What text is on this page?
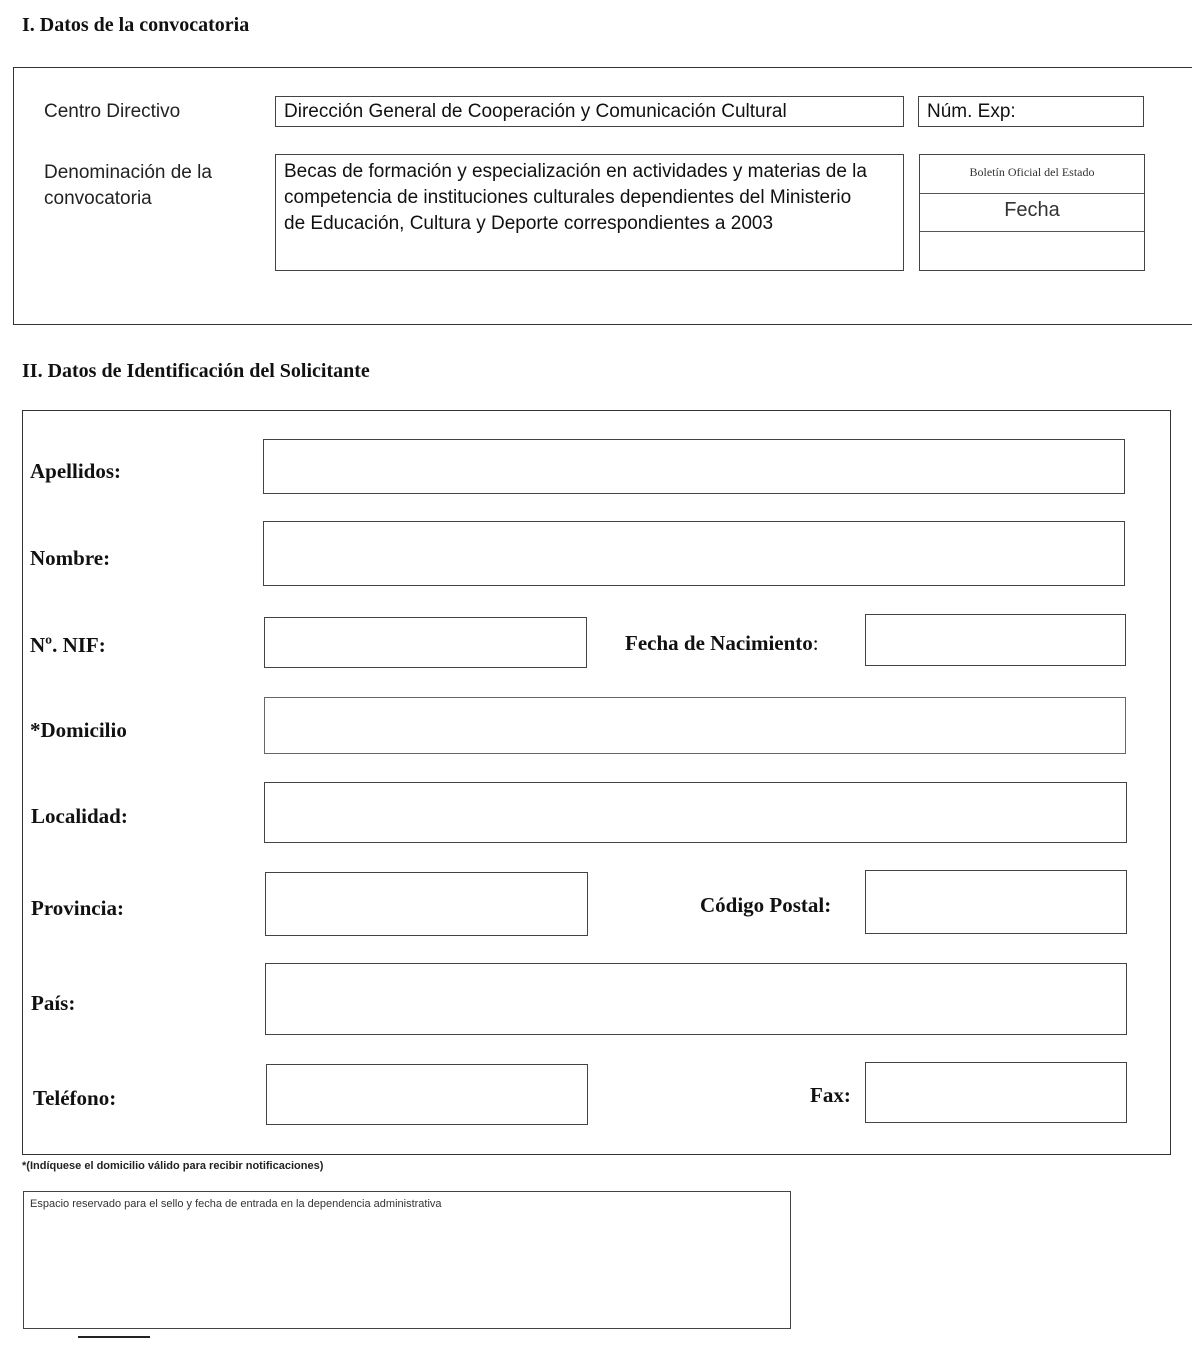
I. Datos de la convocatoria
Centro Directivo	Dirección General de Cooperación y Comunicación Cultural	Núm. Exp:
Denominación de la
convocatoria
Becas de formación y especialización en actividades y materias de la
competencia de instituciones culturales dependientes del Ministerio
de Educación, Cultura y Deporte correspondientes a 2003
Boletín Oficial del Estado
Fecha
II. Datos de Identificación del Solicitante
Apellidos:
Nombre:
Nº. NIF:	Fecha de Nacimiento:
*Domicilio
Localidad:
Provincia:	Código Postal:
País:
Teléfono:	Fax:
*(Indíquese el domicilio válido para recibir notificaciones)
Espacio reservado para el sello y fecha de entrada en la dependencia administrativa
